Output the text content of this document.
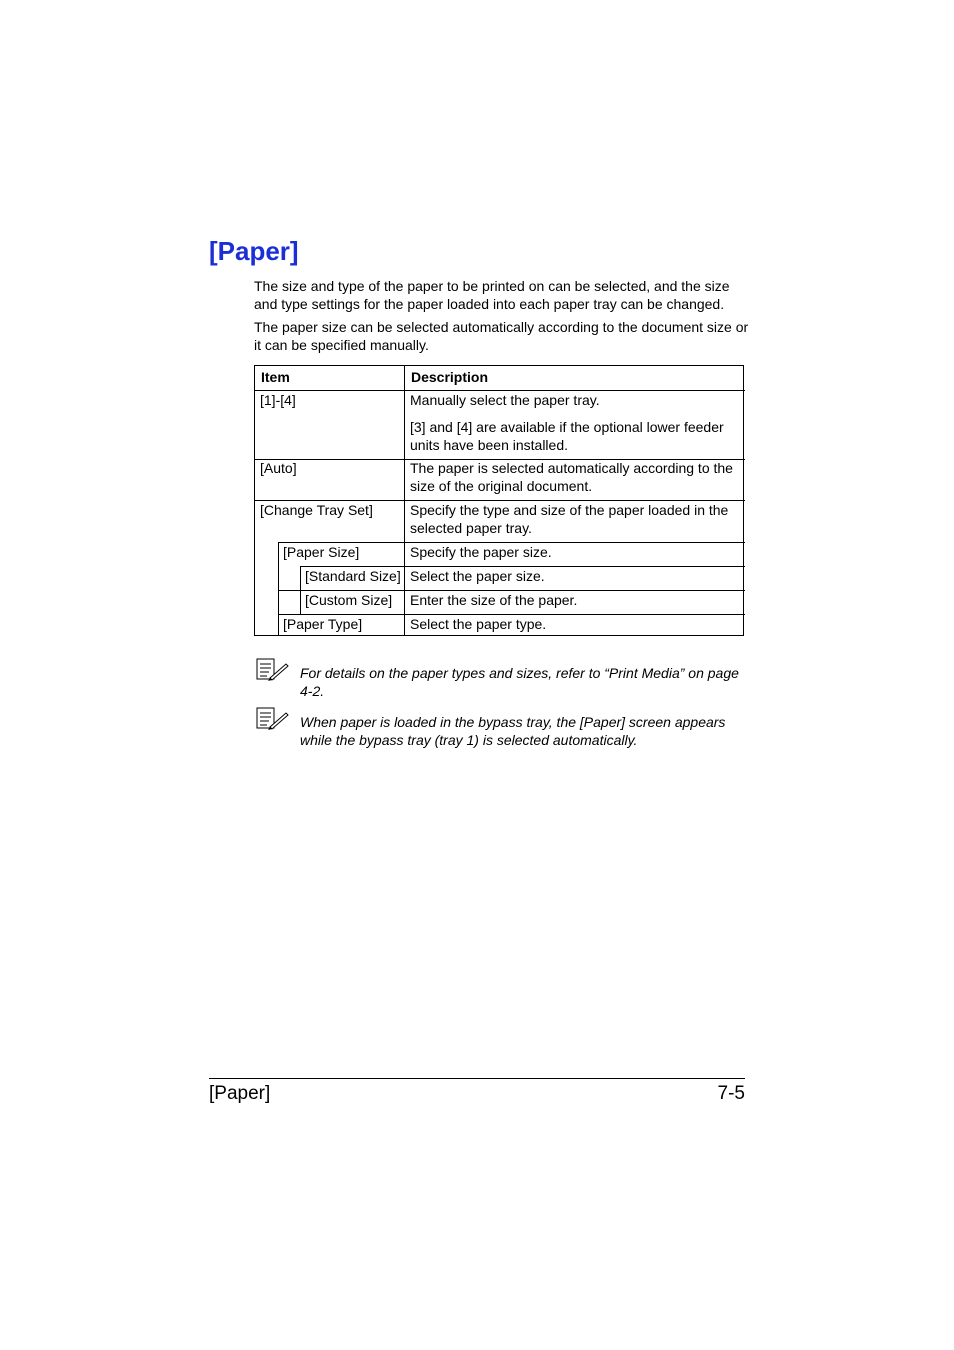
[Paper]

The size and type of the paper to be printed on can be selected, and the size and type settings for the paper loaded into each paper tray can be changed.

The paper size can be selected automatically according to the document size or it can be specified manually.

Item	Description
[1]-[4]	Manually select the paper tray.
[3] and [4] are available if the optional lower feeder units have been installed.
[Auto]	The paper is selected automatically according to the size of the original document.
[Change Tray Set]	Specify the type and size of the paper loaded in the selected paper tray.
[Paper Size]	Specify the paper size.
[Standard Size] Select the paper size.
[Custom Size]	Enter the size of the paper.
[Paper Type]	Select the paper type.
For details on the paper types and sizes, refer to “Print Media” on page 4-2.
When paper is loaded in the bypass tray, the [Paper] screen appears while the bypass tray (tray 1) is selected automatically.
[Paper]	7-5
